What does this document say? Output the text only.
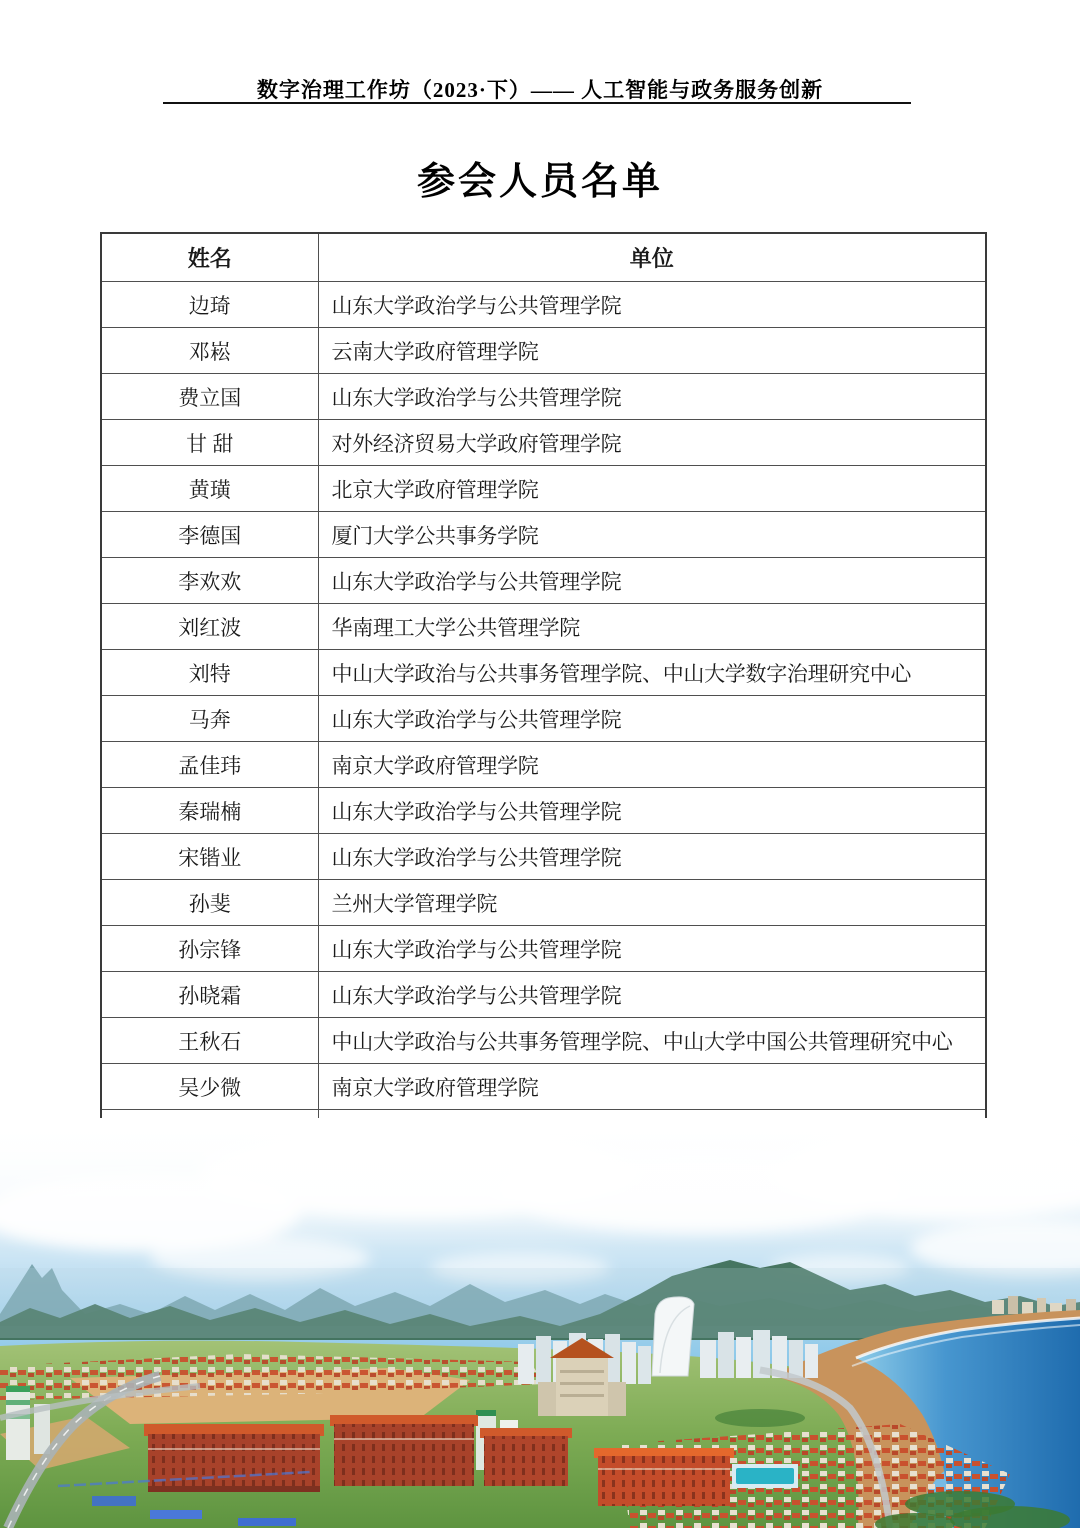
数字治理工作坊（2023·下）—— 人工智能与政务服务创新
参会人员名单
姓名	单位
边琦	山东大学政治学与公共管理学院
邓崧	云南大学政府管理学院
费立国	山东大学政治学与公共管理学院
甘 甜	对外经济贸易大学政府管理学院
黄璜	北京大学政府管理学院
李德国	厦门大学公共事务学院
李欢欢	山东大学政治学与公共管理学院
刘红波	华南理工大学公共管理学院
刘特	中山大学政治与公共事务管理学院、中山大学数字治理研究中心
马奔	山东大学政治学与公共管理学院
孟佳玮	南京大学政府管理学院
秦瑞楠	山东大学政治学与公共管理学院
宋锴业	山东大学政治学与公共管理学院
孙斐	兰州大学管理学院
孙宗锋	山东大学政治学与公共管理学院
孙晓霜	山东大学政治学与公共管理学院
王秋石	中山大学政治与公共事务管理学院、中山大学中国公共管理研究中心
吴少微	南京大学政府管理学院
